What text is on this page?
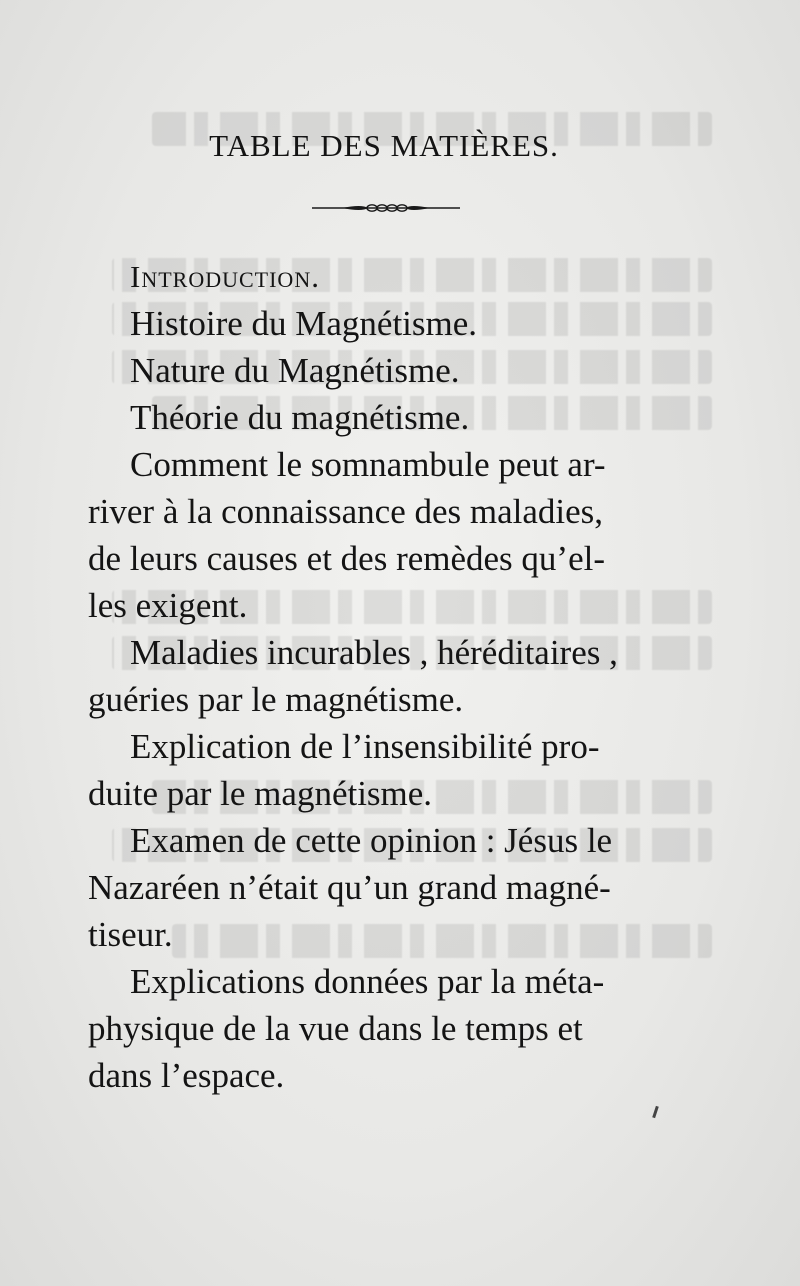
TABLE DES MATIÈRES.

Introduction.

Histoire du Magnétisme.

Nature du Magnétisme.

Théorie du magnétisme.

Comment le somnambule peut ar-
river à la connaissance des maladies,
de leurs causes et des remèdes qu’el-
les exigent.

Maladies incurables , héréditaires ,
guéries par le magnétisme.

Explication de l’insensibilité pro-
duite par le magnétisme.

Examen de cette opinion : Jésus le
Nazaréen n’était qu’un grand magné-
tiseur.

Explications données par la méta-
physique de la vue dans le temps et
dans l’espace.
